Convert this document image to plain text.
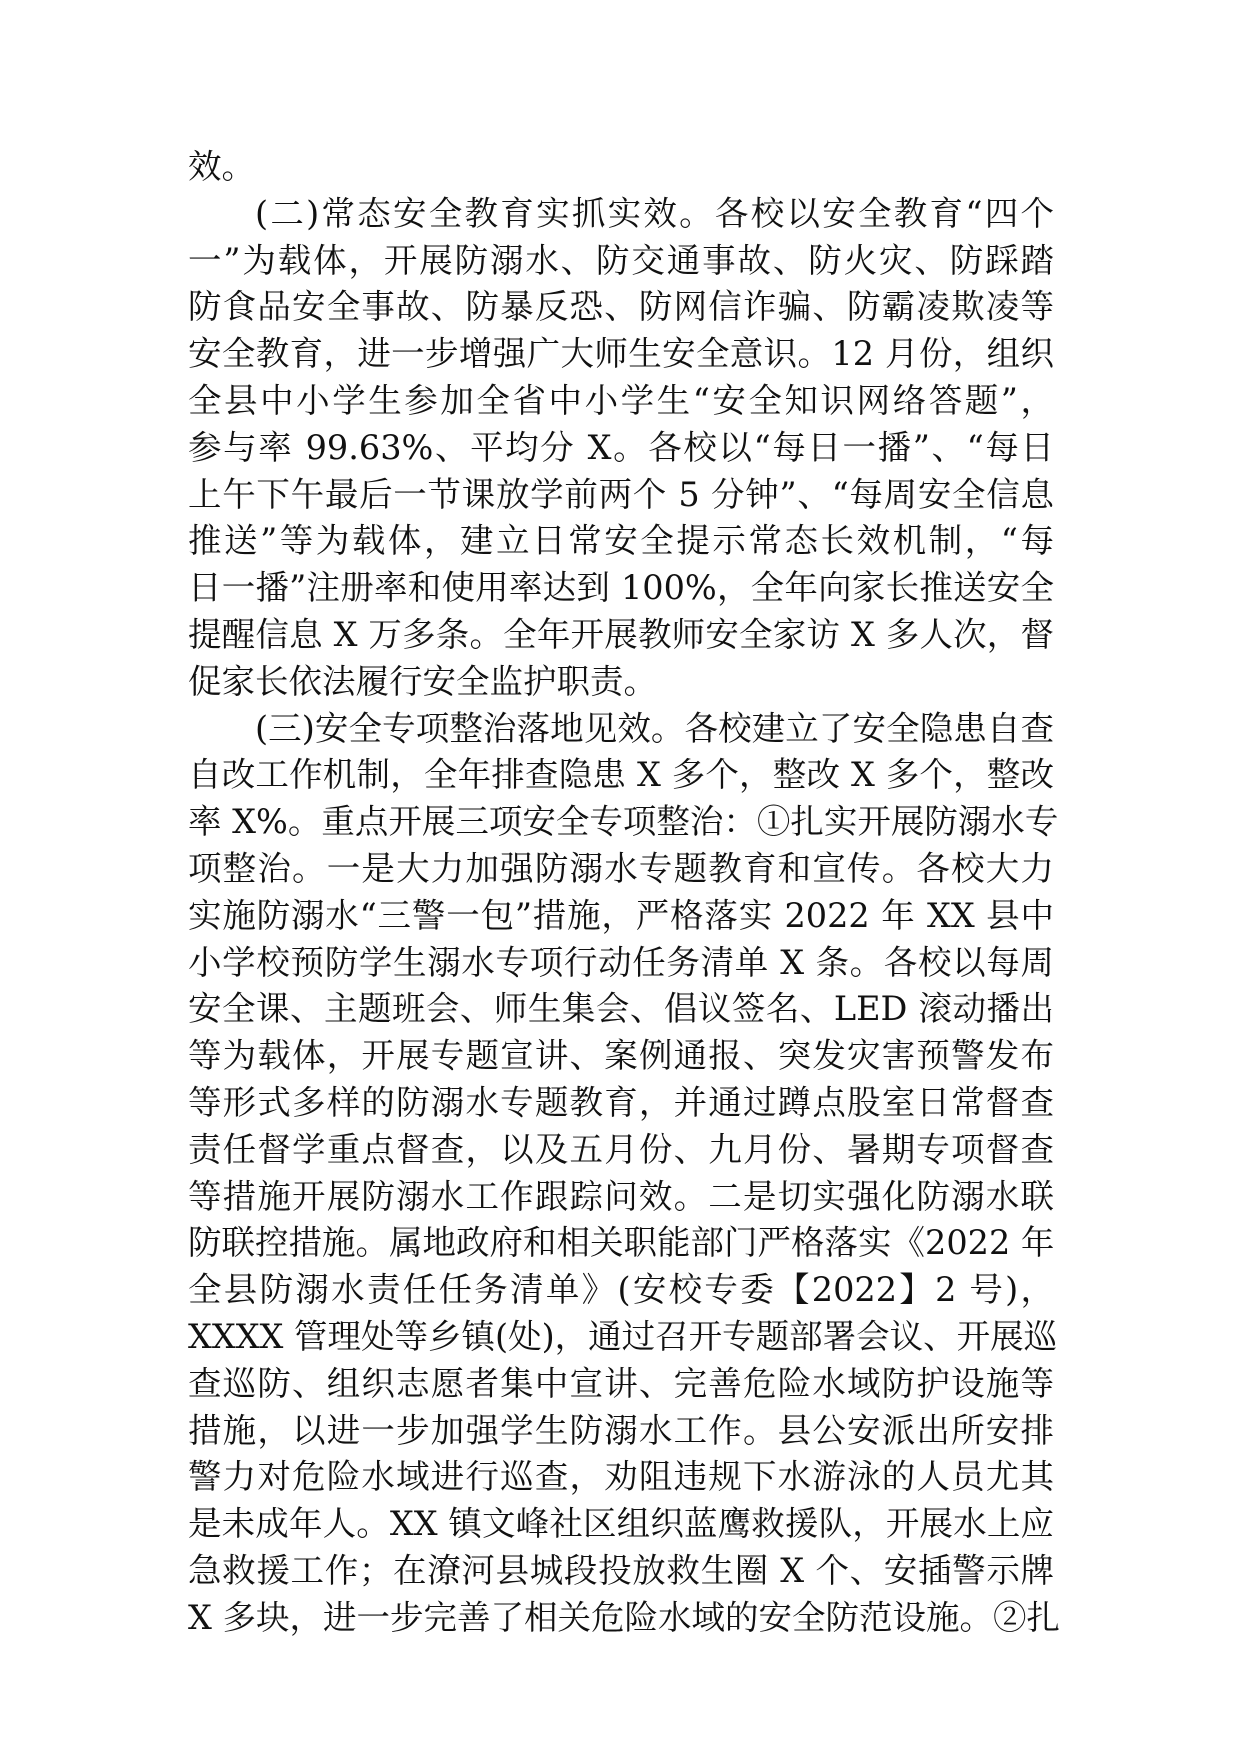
效。
(二)常态安全教育实抓实效。各校以安全教育“四个
一”为载体，开展防溺水、防交通事故、防火灾、防踩踏
防食品安全事故、防暴反恐、防网信诈骗、防霸凌欺凌等
安全教育，进一步增强广大师生安全意识。12 月份，组织
全县中小学生参加全省中小学生“安全知识网络答题”，
参与率 99.63%、平均分 X。各校以“每日一播”、“每日
上午下午最后一节课放学前两个 5 分钟”、“每周安全信息
推送”等为载体，建立日常安全提示常态长效机制，“每
日一播”注册率和使用率达到 100%，全年向家长推送安全
提醒信息 X 万多条。全年开展教师安全家访 X 多人次，督
促家长依法履行安全监护职责。
(三)安全专项整治落地见效。各校建立了安全隐患自查
自改工作机制，全年排查隐患 X 多个，整改 X 多个，整改
率 X%。重点开展三项安全专项整治：①扎实开展防溺水专
项整治。一是大力加强防溺水专题教育和宣传。各校大力
实施防溺水“三警一包”措施，严格落实 2022 年 XX 县中
小学校预防学生溺水专项行动任务清单 X 条。各校以每周
安全课、主题班会、师生集会、倡议签名、LED 滚动播出
等为载体，开展专题宣讲、案例通报、突发灾害预警发布
等形式多样的防溺水专题教育，并通过蹲点股室日常督查
责任督学重点督查，以及五月份、九月份、暑期专项督查
等措施开展防溺水工作跟踪问效。二是切实强化防溺水联
防联控措施。属地政府和相关职能部门严格落实《2022 年
全县防溺水责任任务清单》(安校专委【2022】2 号)，
XXXX 管理处等乡镇(处)，通过召开专题部署会议、开展巡
查巡防、组织志愿者集中宣讲、完善危险水域防护设施等
措施，以进一步加强学生防溺水工作。县公安派出所安排
警力对危险水域进行巡查，劝阻违规下水游泳的人员尤其
是未成年人。XX 镇文峰社区组织蓝鹰救援队，开展水上应
急救援工作；在潦河县城段投放救生圈 X 个、安插警示牌
X 多块，进一步完善了相关危险水域的安全防范设施。②扎
